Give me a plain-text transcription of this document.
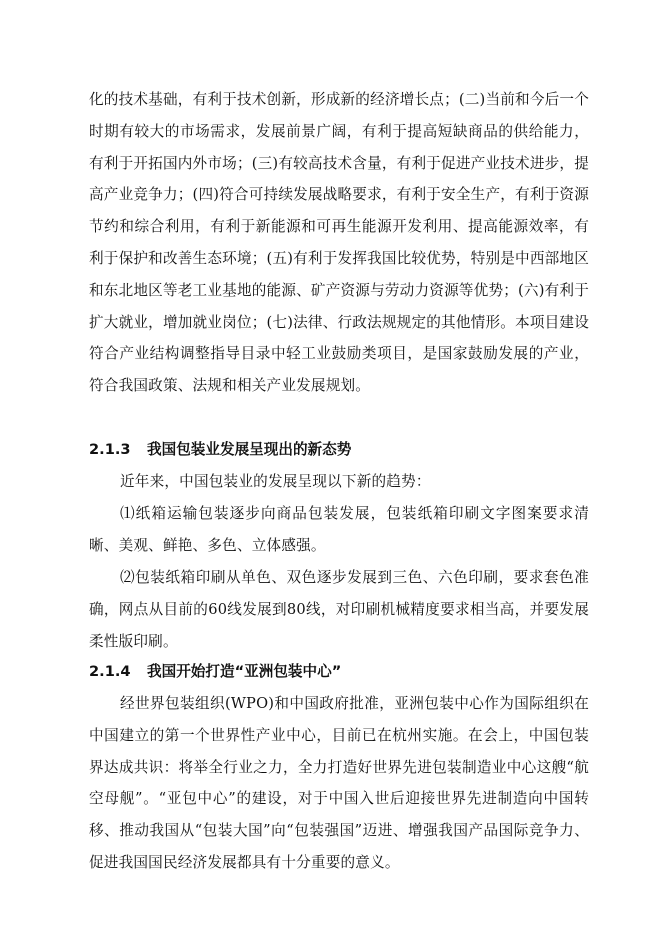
化的技术基础，有利于技术创新，形成新的经济增长点；(二)当前和今后一个时期有较大的市场需求，发展前景广阔，有利于提高短缺商品的供给能力，有利于开拓国内外市场；(三)有较高技术含量，有利于促进产业技术进步，提高产业竞争力；(四)符合可持续发展战略要求，有利于安全生产，有利于资源节约和综合利用，有利于新能源和可再生能源开发利用、提高能源效率，有利于保护和改善生态环境；(五)有利于发挥我国比较优势，特别是中西部地区和东北地区等老工业基地的能源、矿产资源与劳动力资源等优势；(六)有利于扩大就业，增加就业岗位；(七)法律、行政法规规定的其他情形。本项目建设符合产业结构调整指导目录中轻工业鼓励类项目，是国家鼓励发展的产业，符合我国政策、法规和相关产业发展规划。

2.1.3 我国包装业发展呈现出的新态势

近年来，中国包装业的发展呈现以下新的趋势：

⑴纸箱运输包装逐步向商品包装发展，包装纸箱印刷文字图案要求清晰、美观、鲜艳、多色、立体感强。

⑵包装纸箱印刷从单色、双色逐步发展到三色、六色印刷，要求套色准确，网点从目前的60线发展到80线，对印刷机械精度要求相当高，并要发展柔性版印刷。

2.1.4 我国开始打造“亚洲包装中心”

经世界包装组织(WPO)和中国政府批准，亚洲包装中心作为国际组织在中国建立的第一个世界性产业中心，目前已在杭州实施。在会上，中国包装界达成共识：将举全行业之力，全力打造好世界先进包装制造业中心这艘“航空母舰”。“亚包中心”的建设，对于中国入世后迎接世界先进制造向中国转移、推动我国从“包装大国”向“包装强国”迈进、增强我国产品国际竞争力、促进我国国民经济发展都具有十分重要的意义。
